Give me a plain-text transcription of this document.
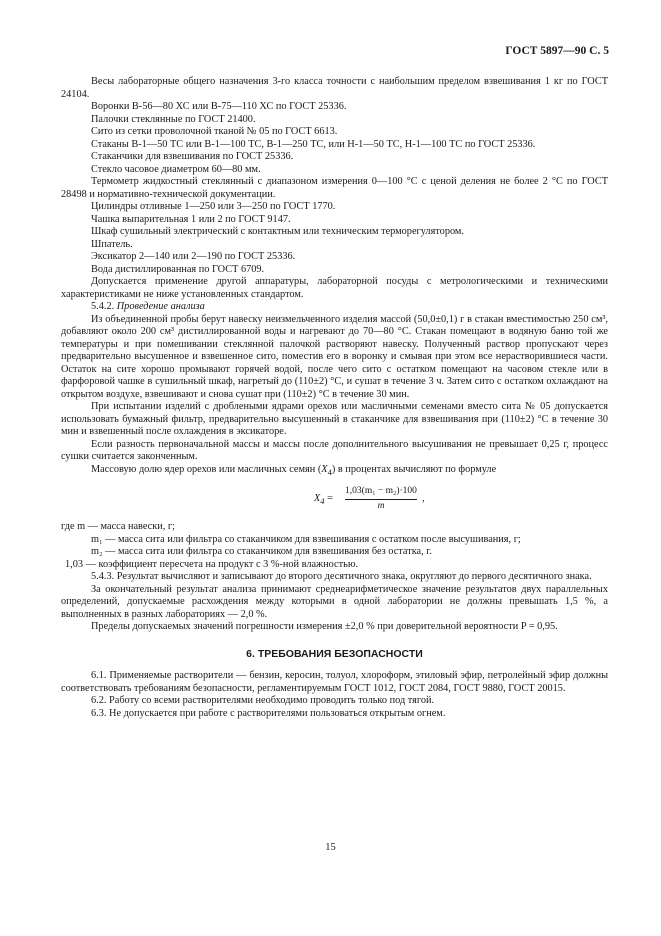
ГОСТ 5897—90 С. 5

Весы лабораторные общего назначения 3-го класса точности с наибольшим пределом взвешивания 1 кг по ГОСТ 24104.

Воронки В-56—80 ХС или В-75—110 ХС по ГОСТ 25336.

Палочки стеклянные по ГОСТ 21400.

Сито из сетки проволочной тканой № 05 по ГОСТ 6613.

Стаканы В-1—50 ТС или В-1—100 ТС, В-1—250 ТС, или Н-1—50 ТС, Н-1—100 ТС по ГОСТ 25336.

Стаканчики для взвешивания по ГОСТ 25336.

Стекло часовое диаметром 60—80 мм.

Термометр жидкостный стеклянный с диапазоном измерения 0—100 °С с ценой деления не более 2 °С по ГОСТ 28498 и нормативно-технической документации.

Цилиндры отливные 1—250 или 3—250 по ГОСТ 1770.

Чашка выпарительная 1 или 2 по ГОСТ 9147.

Шкаф сушильный электрический с контактным или техническим терморегулятором.

Шпатель.

Эксикатор 2—140 или 2—190 по ГОСТ 25336.

Вода дистиллированная по ГОСТ 6709.

Допускается применение другой аппаратуры, лабораторной посуды с метрологическими и техническими характеристиками не ниже установленных стандартом.

5.4.2. Проведение анализа

Из объединенной пробы берут навеску неизмельченного изделия массой (50,0±0,1) г в стакан вместимостью 250 см³, добавляют около 200 см³ дистиллированной воды и нагревают до 70—80 °С. Стакан помещают в водяную баню той же температуры и при помешивании стеклянной палочкой растворяют навеску. Полученный раствор пропускают через предварительно высушенное и взвешенное сито, поместив его в воронку и смывая при этом все нерастворившиеся части. Остаток на сите хорошо промывают горячей водой, после чего сито с остатком помещают на часовом стекле или в фарфоровой чашке в сушильный шкаф, нагретый до (110±2) °С, и сушат в течение 3 ч. Затем сито с остатком охлаждают на открытом воздухе, взвешивают и снова сушат при (110±2) °С в течение 30 мин.

При испытании изделий с дроблеными ядрами орехов или масличными семенами вместо сита № 05 допускается использовать бумажный фильтр, предварительно высушенный в стаканчике для взвешивания при (110±2) °С в течение 30 мин и взвешенный после охлаждения в эксикаторе.

Если разность первоначальной массы и массы после дополнительного высушивания не превышает 0,25 г, процесс сушки считается законченным.

Массовую долю ядер орехов или масличных семян $(X_4)$ в процентах вычисляют по формуле

$X_4 = \frac{\text{1,03(m₁ − m₂)·100}}{m}$ ,

где m — масса навески, г;

m₁ — масса сита или фильтра со стаканчиком для взвешивания с остатком после высушивания, г;

m₂ — масса сита или фильтра со стаканчиком для взвешивания без остатка, г.

1,03 — коэффициент пересчета на продукт с 3 %-ной влажностью.

5.4.3. Результат вычисляют и записывают до второго десятичного знака, округляют до первого десятичного знака.

За окончательный результат анализа принимают среднеарифметическое значение результатов двух параллельных определений, допускаемые расхождения между которыми в одной лаборатории не должны превышать 1,5 %, а выполненных в разных лабораториях — 2,0 %.

Пределы допускаемых значений погрешности измерения ±2,0 % при доверительной вероятности P = 0,95.

6. ТРЕБОВАНИЯ БЕЗОПАСНОСТИ

6.1. Применяемые растворители — бензин, керосин, толуол, хлороформ, этиловый эфир, петролейный эфир должны соответствовать требованиям безопасности, регламентируемым ГОСТ 1012, ГОСТ 2084, ГОСТ 9880, ГОСТ 20015.

6.2. Работу со всеми растворителями необходимо проводить только под тягой.

6.3. Не допускается при работе с растворителями пользоваться открытым огнем.

15
